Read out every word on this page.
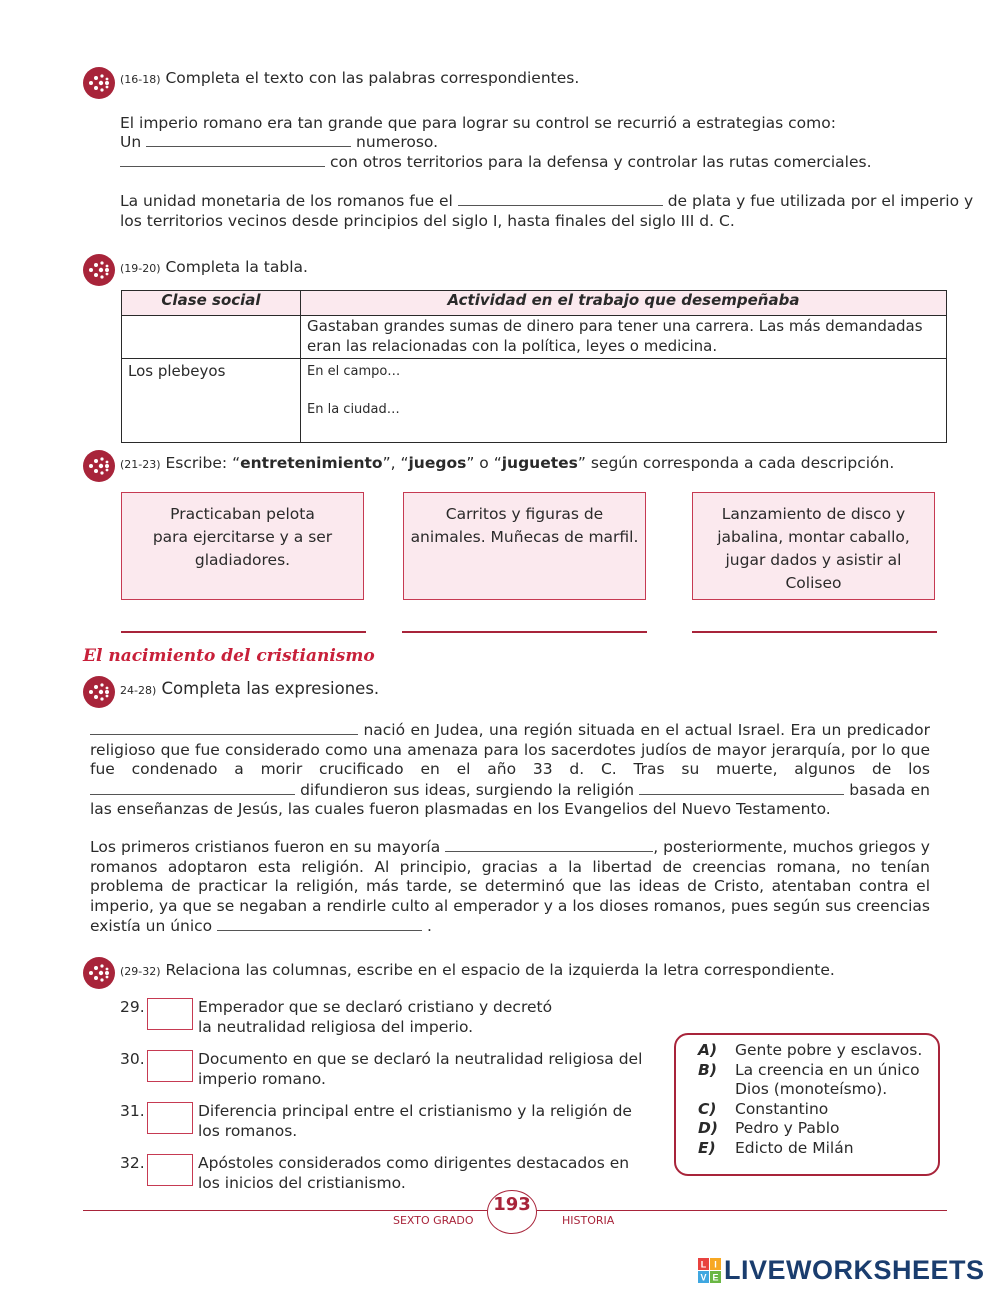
(16-18) Completa el texto con las palabras correspondientes.
El imperio romano era tan grande que para lograr su control se recurrió a estrategias como:
Un	numeroso.
con otros territorios para la defensa y controlar las rutas comerciales.
La unidad monetaria de los romanos fue el	de plata y fue utilizada por el imperio y
los territorios vecinos desde principios del siglo I, hasta finales del siglo III d. C.
(19-20) Completa la tabla.
Clase social	Actividad en el trabajo que desempeñaba
	Gastaban grandes sumas de dinero para tener una carrera. Las más demandadas eran las relacionadas con la política, leyes o medicina.
Los plebeyos	En el campo…
En la ciudad…
(21-23) Escribe: “entretenimiento”, “juegos” o “juguetes” según corresponda a cada descripción.
Practicaban pelota
para ejercitarse y a ser
gladiadores.
Carritos y figuras de
animales. Muñecas de marfil.
Lanzamiento de disco y
jabalina, montar caballo,
jugar dados y asistir al
Coliseo
El nacimiento del cristianismo
24-28) Completa las expresiones.
nació en Judea, una región situada en el actual Israel. Era un predicador religioso que fue considerado como una amenaza para los sacerdotes judíos de mayor jerarquía, por lo que fue condenado a morir crucificado en el año 33 d. C. Tras su muerte, algunos de los  difundieron sus ideas, surgiendo la religión	basada en las enseñanzas de Jesús, las cuales fueron plasmadas en los Evangelios del Nuevo Testamento.
Los primeros cristianos fueron en su mayoría	, posteriormente, muchos griegos y romanos adoptaron esta religión. Al principio, gracias a la libertad de creencias romana, no tenían problema de practicar la religión, más tarde, se determinó que las ideas de Cristo, atentaban contra el imperio, ya que se negaban a rendirle culto al emperador y a los dioses romanos, pues según sus creencias existía un único	.
(29-32) Relaciona las columnas, escribe en el espacio de la izquierda la letra correspondiente.
29.	Emperador que se declaró cristiano y decretó la neutralidad religiosa del imperio.
30.	Documento en que se declaró la neutralidad religiosa del imperio romano.
31.	Diferencia principal entre el cristianismo y la religión de los romanos.
32.	Apóstoles considerados como dirigentes destacados en los inicios del cristianismo.
A) Gente pobre y esclavos.
B) La creencia en un único Dios (monoteísmo).
C) Constantino
D) Pedro y Pablo
E) Edicto de Milán
193
SEXTO GRADO	HISTORIA
L I
V E LIVEWORKSHEETS
